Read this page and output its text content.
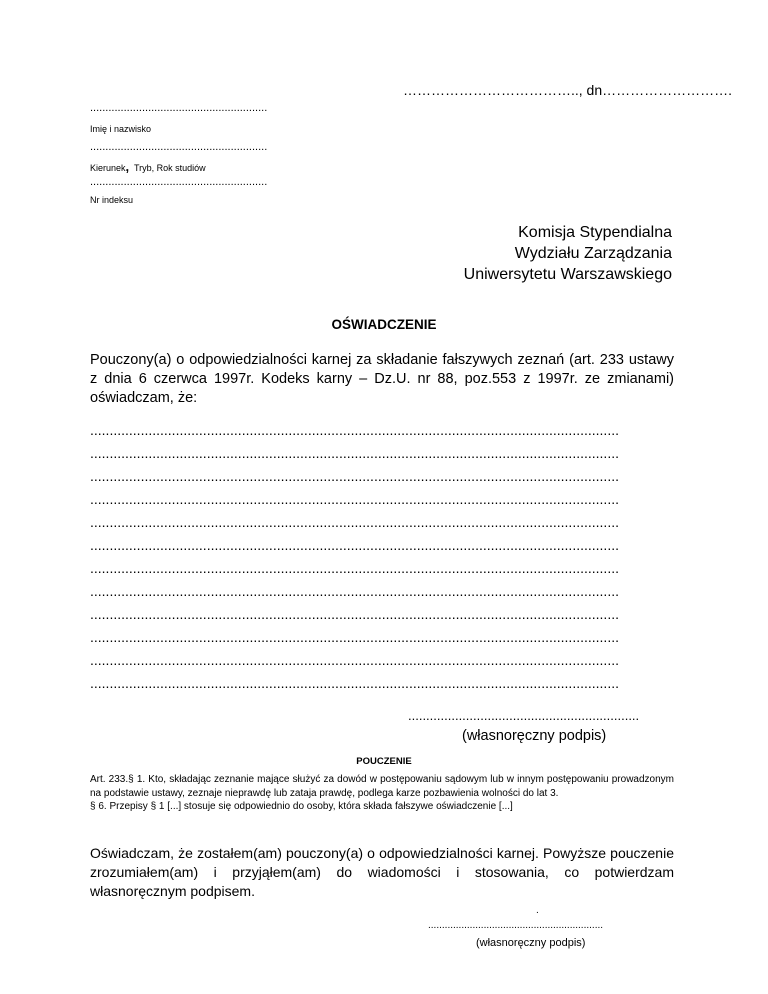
……………………………….., dn……………………….
..........................................................
Imię i nazwisko
..........................................................
Kierunek,  Tryb, Rok studiów
..........................................................
Nr indeksu
Komisja Stypendialna
Wydziału Zarządzania
Uniwersytetu Warszawskiego
OŚWIADCZENIE
Pouczony(a) o odpowiedzialności karnej za składanie fałszywych zeznań (art. 233 ustawy z dnia 6 czerwca 1997r. Kodeks karny – Dz.U. nr 88, poz.553 z 1997r. ze zmianami) oświadczam, że:
........................................................................................................................................
........................................................................................................................................
........................................................................................................................................
........................................................................................................................................
........................................................................................................................................
........................................................................................................................................
........................................................................................................................................
........................................................................................................................................
........................................................................................................................................
........................................................................................................................................
........................................................................................................................................
........................................................................................................................................
................................................................
(własnoręczny podpis)
POUCZENIE

Art. 233.§ 1. Kto, składając zeznanie mające służyć za dowód w postępowaniu sądowym lub w innym postępowaniu prowadzonym na podstawie ustawy, zeznaje nieprawdę lub zataja prawdę, podlega karze pozbawienia wolności do lat 3.

§ 6. Przepisy § 1 [...] stosuje się odpowiednio do osoby, która składa fałszywe oświadczenie [...]

Oświadczam, że zostałem(am) pouczony(a) o odpowiedzialności karnej. Powyższe pouczenie zrozumiałem(am) i przyjąłem(am) do wiadomości i stosowania, co potwierdzam własnoręcznym podpisem.
.
...............................................................
(własnoręczny podpis)
